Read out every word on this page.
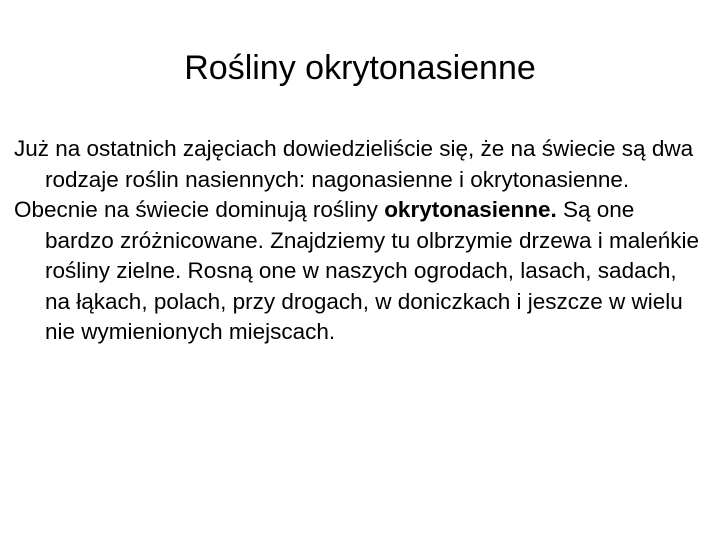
Rośliny okrytonasienne

Już na ostatnich zajęciach dowiedzieliście się, że na świecie są dwa rodzaje roślin nasiennych: nagonasienne i okrytonasienne.

Obecnie na świecie dominują rośliny okrytonasienne. Są one bardzo zróżnicowane. Znajdziemy tu olbrzymie drzewa i maleńkie rośliny zielne. Rosną one w naszych ogrodach, lasach, sadach, na łąkach, polach, przy drogach, w doniczkach i jeszcze w wielu nie wymienionych miejscach.
